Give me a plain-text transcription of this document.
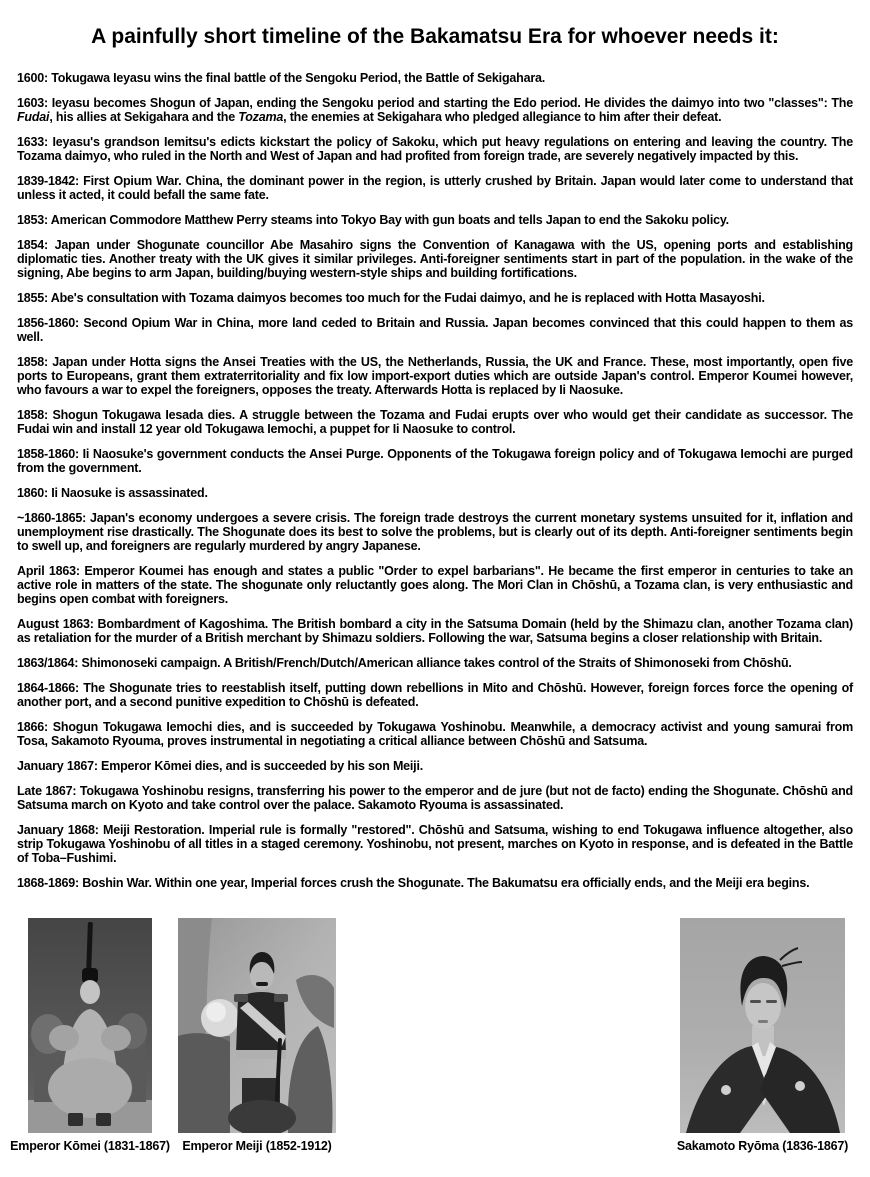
A painfully short timeline of the Bakamatsu Era for whoever needs it:

1600: Tokugawa Ieyasu wins the final battle of the Sengoku Period, the Battle of Sekigahara.

1603: Ieyasu becomes Shogun of Japan, ending the Sengoku period and starting the Edo period. He divides the daimyo into two "classes": The Fudai, his allies at Sekigahara and the Tozama, the enemies at Sekigahara who pledged allegiance to him after their defeat.

1633: Ieyasu's grandson Iemitsu's edicts kickstart the policy of Sakoku, which put heavy regulations on entering and leaving the country. The Tozama daimyo, who ruled in the North and West of Japan and had profited from foreign trade, are severely negatively impacted by this.

1839-1842: First Opium War. China, the dominant power in the region, is utterly crushed by Britain. Japan would later come to understand that unless it acted, it could befall the same fate.

1853: American Commodore Matthew Perry steams into Tokyo Bay with gun boats and tells Japan to end the Sakoku policy.

1854: Japan under Shogunate councillor Abe Masahiro signs the Convention of Kanagawa with the US, opening ports and establishing diplomatic ties. Another treaty with the UK gives it similar privileges. Anti-foreigner sentiments start in part of the population. in the wake of the signing, Abe begins to arm Japan, building/buying western-style ships and building fortifications.

1855: Abe's consultation with Tozama daimyos becomes too much for the Fudai daimyo, and he is replaced with Hotta Masayoshi.

1856-1860: Second Opium War in China, more land ceded to Britain and Russia. Japan becomes convinced that this could happen to them as well.

1858: Japan under Hotta signs the Ansei Treaties with the US, the Netherlands, Russia, the UK and France. These, most importantly, open five ports to Europeans, grant them extraterritoriality and fix low import-export duties which are outside Japan's control. Emperor Koumei however, who favours a war to expel the foreigners, opposes the treaty. Afterwards Hotta is replaced by Ii Naosuke.

1858: Shogun Tokugawa Iesada dies. A struggle between the Tozama and Fudai erupts over who would get their candidate as successor. The Fudai win and install 12 year old Tokugawa Iemochi, a puppet for Ii Naosuke to control.

1858-1860: Ii Naosuke's government conducts the Ansei Purge. Opponents of the Tokugawa foreign policy and of Tokugawa Iemochi are purged from the government.

1860: Ii Naosuke is assassinated.

~1860-1865: Japan's economy undergoes a severe crisis. The foreign trade destroys the current monetary systems unsuited for it, inflation and unemployment rise drastically. The Shogunate does its best to solve the problems, but is clearly out of its depth. Anti-foreigner sentiments begin to swell up, and foreigners are regularly murdered by angry Japanese.

April 1863: Emperor Koumei has enough and states a public "Order to expel barbarians". He became the first emperor in centuries to take an active role in matters of the state. The shogunate only reluctantly goes along. The Mori Clan in Chōshū, a Tozama clan, is very enthusiastic and begins open combat with foreigners.

August 1863: Bombardment of Kagoshima. The British bombard a city in the Satsuma Domain (held by the Shimazu clan, another Tozama clan) as retaliation for the murder of a British merchant by Shimazu soldiers. Following the war, Satsuma begins a closer relationship with Britain.

1863/1864: Shimonoseki campaign. A British/French/Dutch/American alliance takes control of the Straits of Shimonoseki from Chōshū.

1864-1866: The Shogunate tries to reestablish itself, putting down rebellions in Mito and Chōshū. However, foreign forces force the opening of another port, and a second punitive expedition to Chōshū is defeated.

1866: Shogun Tokugawa Iemochi dies, and is succeeded by Tokugawa Yoshinobu. Meanwhile, a democracy activist and young samurai from Tosa, Sakamoto Ryouma, proves instrumental in negotiating a critical alliance between Chōshū and Satsuma.

January 1867: Emperor Kōmei dies, and is succeeded by his son Meiji.

Late 1867: Tokugawa Yoshinobu resigns, transferring his power to the emperor and de jure (but not de facto) ending the Shogunate. Chōshū and Satsuma march on Kyoto and take control over the palace. Sakamoto Ryouma is assassinated.

January 1868: Meiji Restoration. Imperial rule is formally "restored". Chōshū and Satsuma, wishing to end Tokugawa influence altogether, also strip Tokugawa Yoshinobu of all titles in a staged ceremony. Yoshinobu, not present, marches on Kyoto in response, and is defeated in the Battle of Toba–Fushimi.

1868-1869: Boshin War. Within one year, Imperial forces crush the Shogunate. The Bakumatsu era officially ends, and the Meiji era begins.

Emperor Kōmei (1831-1867) Emperor Meiji (1852-1912)	Sakamoto Ryōma (1836-1867)
